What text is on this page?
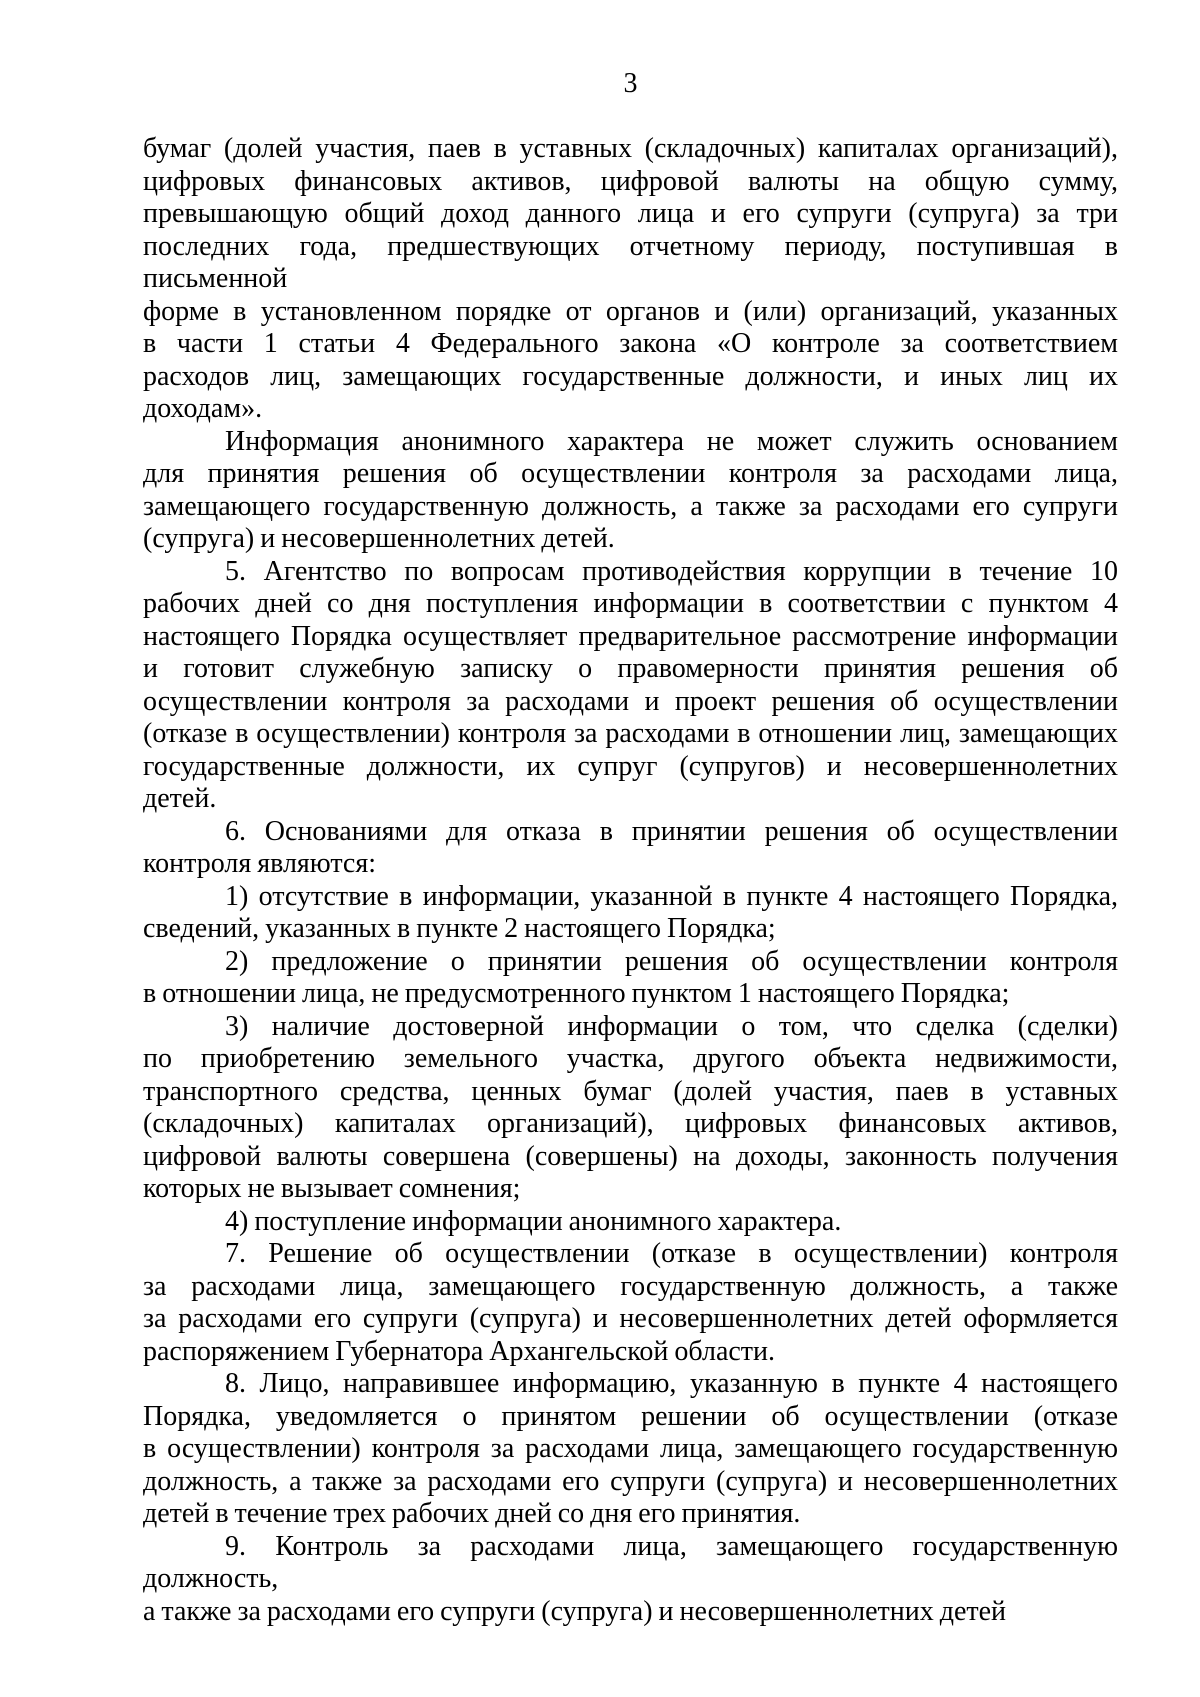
3
бумаг (долей участия, паев в уставных (складочных) капиталах организаций),
цифровых финансовых активов, цифровой валюты на общую сумму,
превышающую общий доход данного лица и его супруги (супруга) за три
последних года, предшествующих отчетному периоду, поступившая в письменной
форме в установленном порядке от органов и (или) организаций, указанных
в части 1 статьи 4 Федерального закона «О контроле за соответствием
расходов лиц, замещающих государственные должности, и иных лиц их
доходам».
Информация анонимного характера не может служить основанием
для принятия решения об осуществлении контроля за расходами лица,
замещающего государственную должность, а также за расходами его супруги
(супруга) и несовершеннолетних детей.
5. Агентство по вопросам противодействия коррупции в течение 10
рабочих дней со дня поступления информации в соответствии с пунктом 4
настоящего Порядка осуществляет предварительное рассмотрение информации
и готовит служебную записку о правомерности принятия решения об
осуществлении контроля за расходами и проект решения об осуществлении
(отказе в осуществлении) контроля за расходами в отношении лиц, замещающих
государственные должности, их супруг (супругов) и несовершеннолетних
детей.
6. Основаниями для отказа в принятии решения об осуществлении
контроля являются:
1) отсутствие в информации, указанной в пункте 4 настоящего Порядка,
сведений, указанных в пункте 2 настоящего Порядка;
2) предложение о принятии решения об осуществлении контроля
в отношении лица, не предусмотренного пунктом 1 настоящего Порядка;
3) наличие достоверной информации о том, что сделка (сделки)
по приобретению земельного участка, другого объекта недвижимости,
транспортного средства, ценных бумаг (долей участия, паев в уставных
(складочных) капиталах организаций), цифровых финансовых активов,
цифровой валюты совершена (совершены) на доходы, законность получения
которых не вызывает сомнения;
4) поступление информации анонимного характера.
7. Решение об осуществлении (отказе в осуществлении) контроля
за расходами лица, замещающего государственную должность, а также
за расходами его супруги (супруга) и несовершеннолетних детей оформляется
распоряжением Губернатора Архангельской области.
8. Лицо, направившее информацию, указанную в пункте 4 настоящего
Порядка, уведомляется о принятом решении об осуществлении (отказе
в осуществлении) контроля за расходами лица, замещающего государственную
должность, а также за расходами его супруги (супруга) и несовершеннолетних
детей в течение трех рабочих дней со дня его принятия.
9. Контроль за расходами лица, замещающего государственную должность,
а также за расходами его супруги (супруга) и несовершеннолетних детей
